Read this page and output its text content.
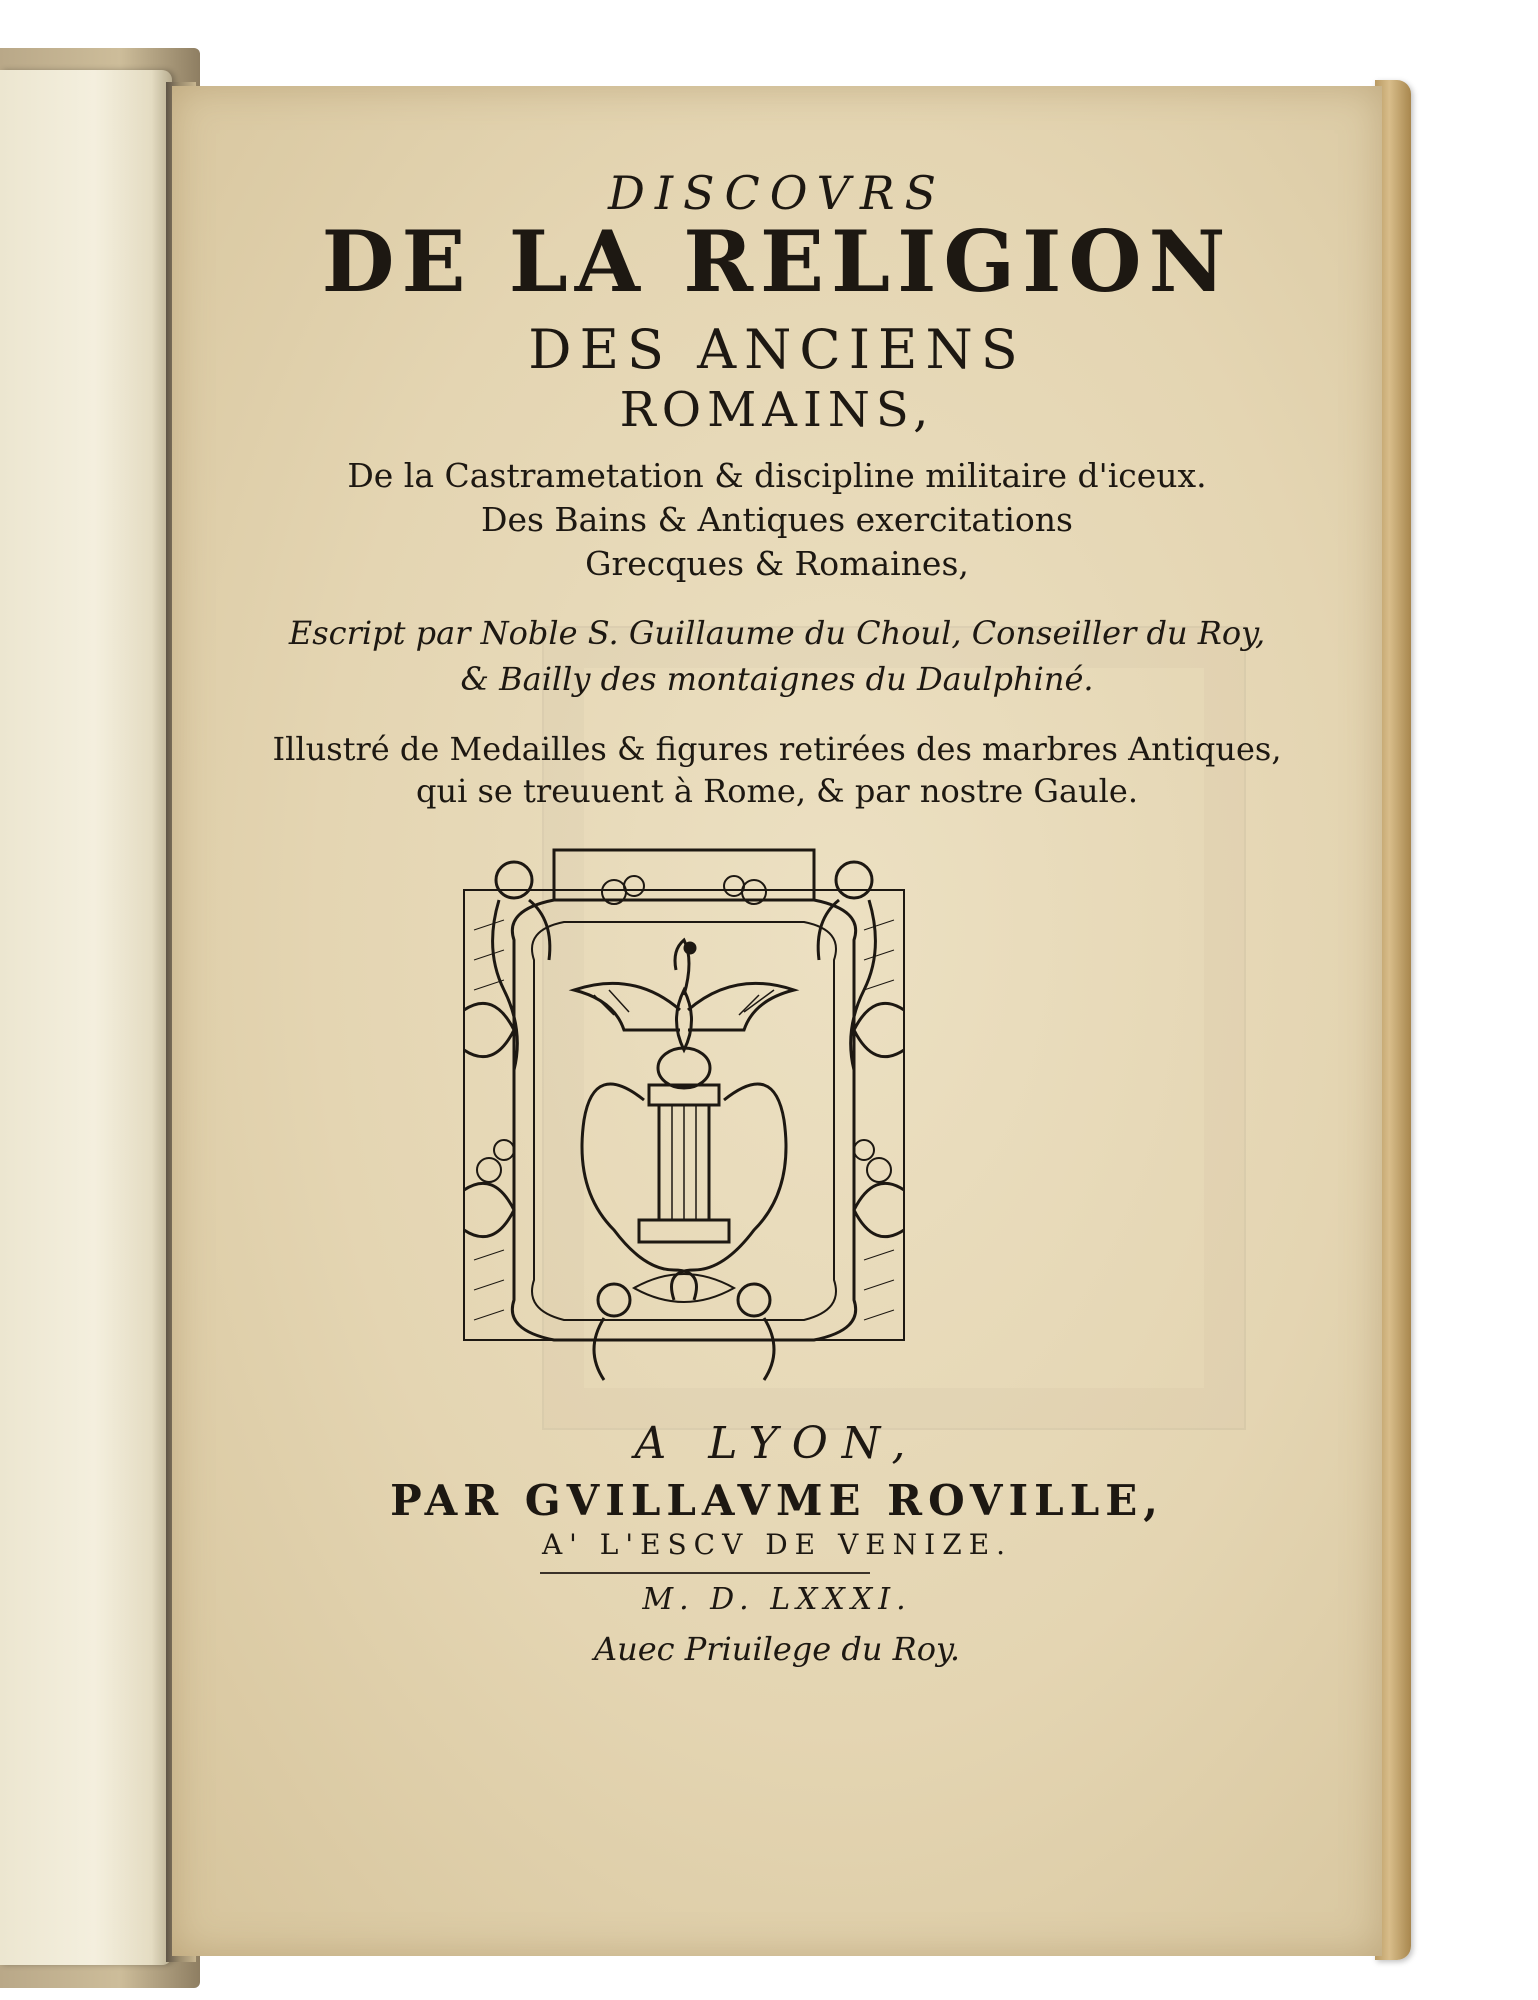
DISCOVRS
DE LA RELIGION
DES ANCIENS
ROMAINS,
De la Castrametation & discipline militaire d'iceux.
Des Bains & Antiques exercitations
Grecques & Romaines,
Escript par Noble S. Guillaume du Choul, Conseiller du Roy,
& Bailly des montaignes du Daulphiné.
Illustré de Medailles & figures retirées des marbres Antiques,
qui se treuuent à Rome, & par nostre Gaule.
A LYON,
PAR GVILLAVME ROVILLE,
A' L'ESCV DE VENIZE.
M. D. LXXXI.
Auec Priuilege du Roy.
